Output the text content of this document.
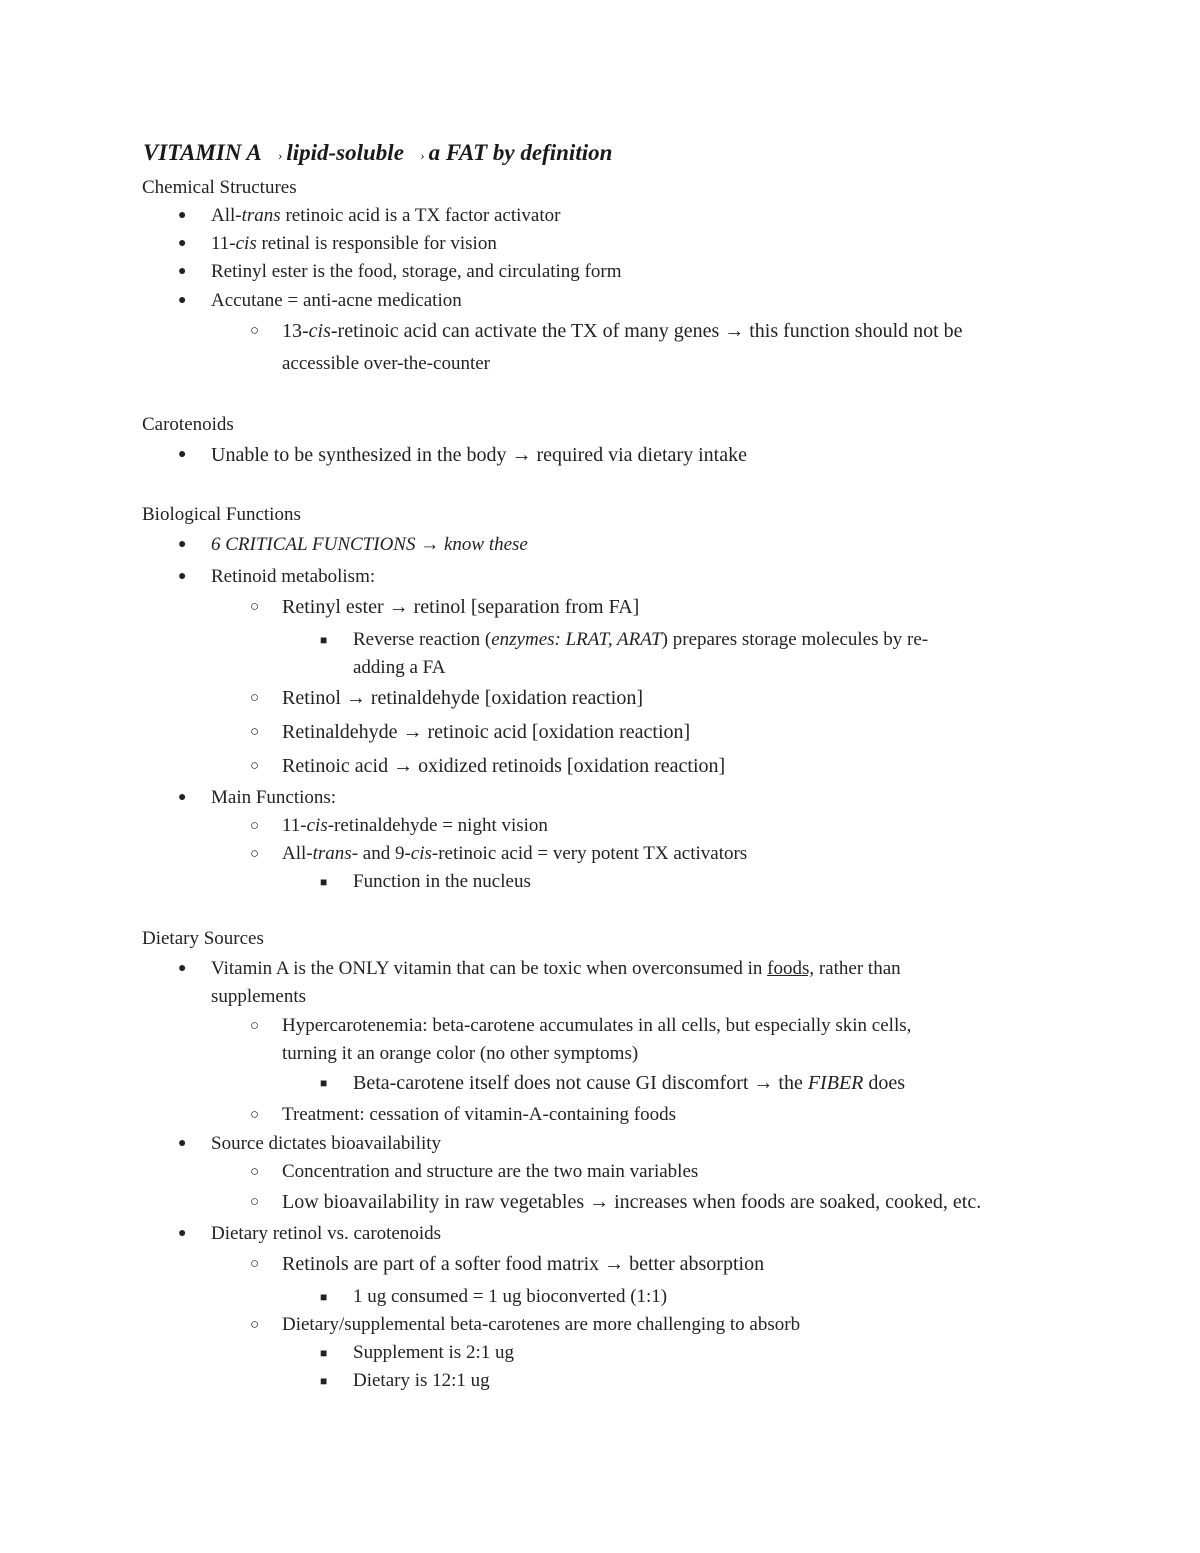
VITAMIN A › lipid-soluble › a FAT by definition
Chemical Structures
● All-trans retinoic acid is a TX factor activator
● 11-cis retinal is responsible for vision
● Retinyl ester is the food, storage, and circulating form
● Accutane = anti-acne medication
○ 13-cis-retinoic acid can activate the TX of many genes → this function should not be
accessible over-the-counter
Carotenoids
● Unable to be synthesized in the body → required via dietary intake
Biological Functions
● 6 CRITICAL FUNCTIONS → know these
● Retinoid metabolism:
○ Retinyl ester → retinol [separation from FA]
■ Reverse reaction (enzymes: LRAT, ARAT) prepares storage molecules by re-
adding a FA
○ Retinol → retinaldehyde [oxidation reaction]
○ Retinaldehyde → retinoic acid [oxidation reaction]
○ Retinoic acid → oxidized retinoids [oxidation reaction]
● Main Functions:
○ 11-cis-retinaldehyde = night vision
○ All-trans- and 9-cis-retinoic acid = very potent TX activators
■ Function in the nucleus
Dietary Sources
● Vitamin A is the ONLY vitamin that can be toxic when overconsumed in foods, rather than
supplements
○ Hypercarotenemia: beta-carotene accumulates in all cells, but especially skin cells,
turning it an orange color (no other symptoms)
■ Beta-carotene itself does not cause GI discomfort → the FIBER does
○ Treatment: cessation of vitamin-A-containing foods
● Source dictates bioavailability
○ Concentration and structure are the two main variables
○ Low bioavailability in raw vegetables → increases when foods are soaked, cooked, etc.
● Dietary retinol vs. carotenoids
○ Retinols are part of a softer food matrix → better absorption
■ 1 ug consumed = 1 ug bioconverted (1:1)
○ Dietary/supplemental beta-carotenes are more challenging to absorb
■ Supplement is 2:1 ug
■ Dietary is 12:1 ug
